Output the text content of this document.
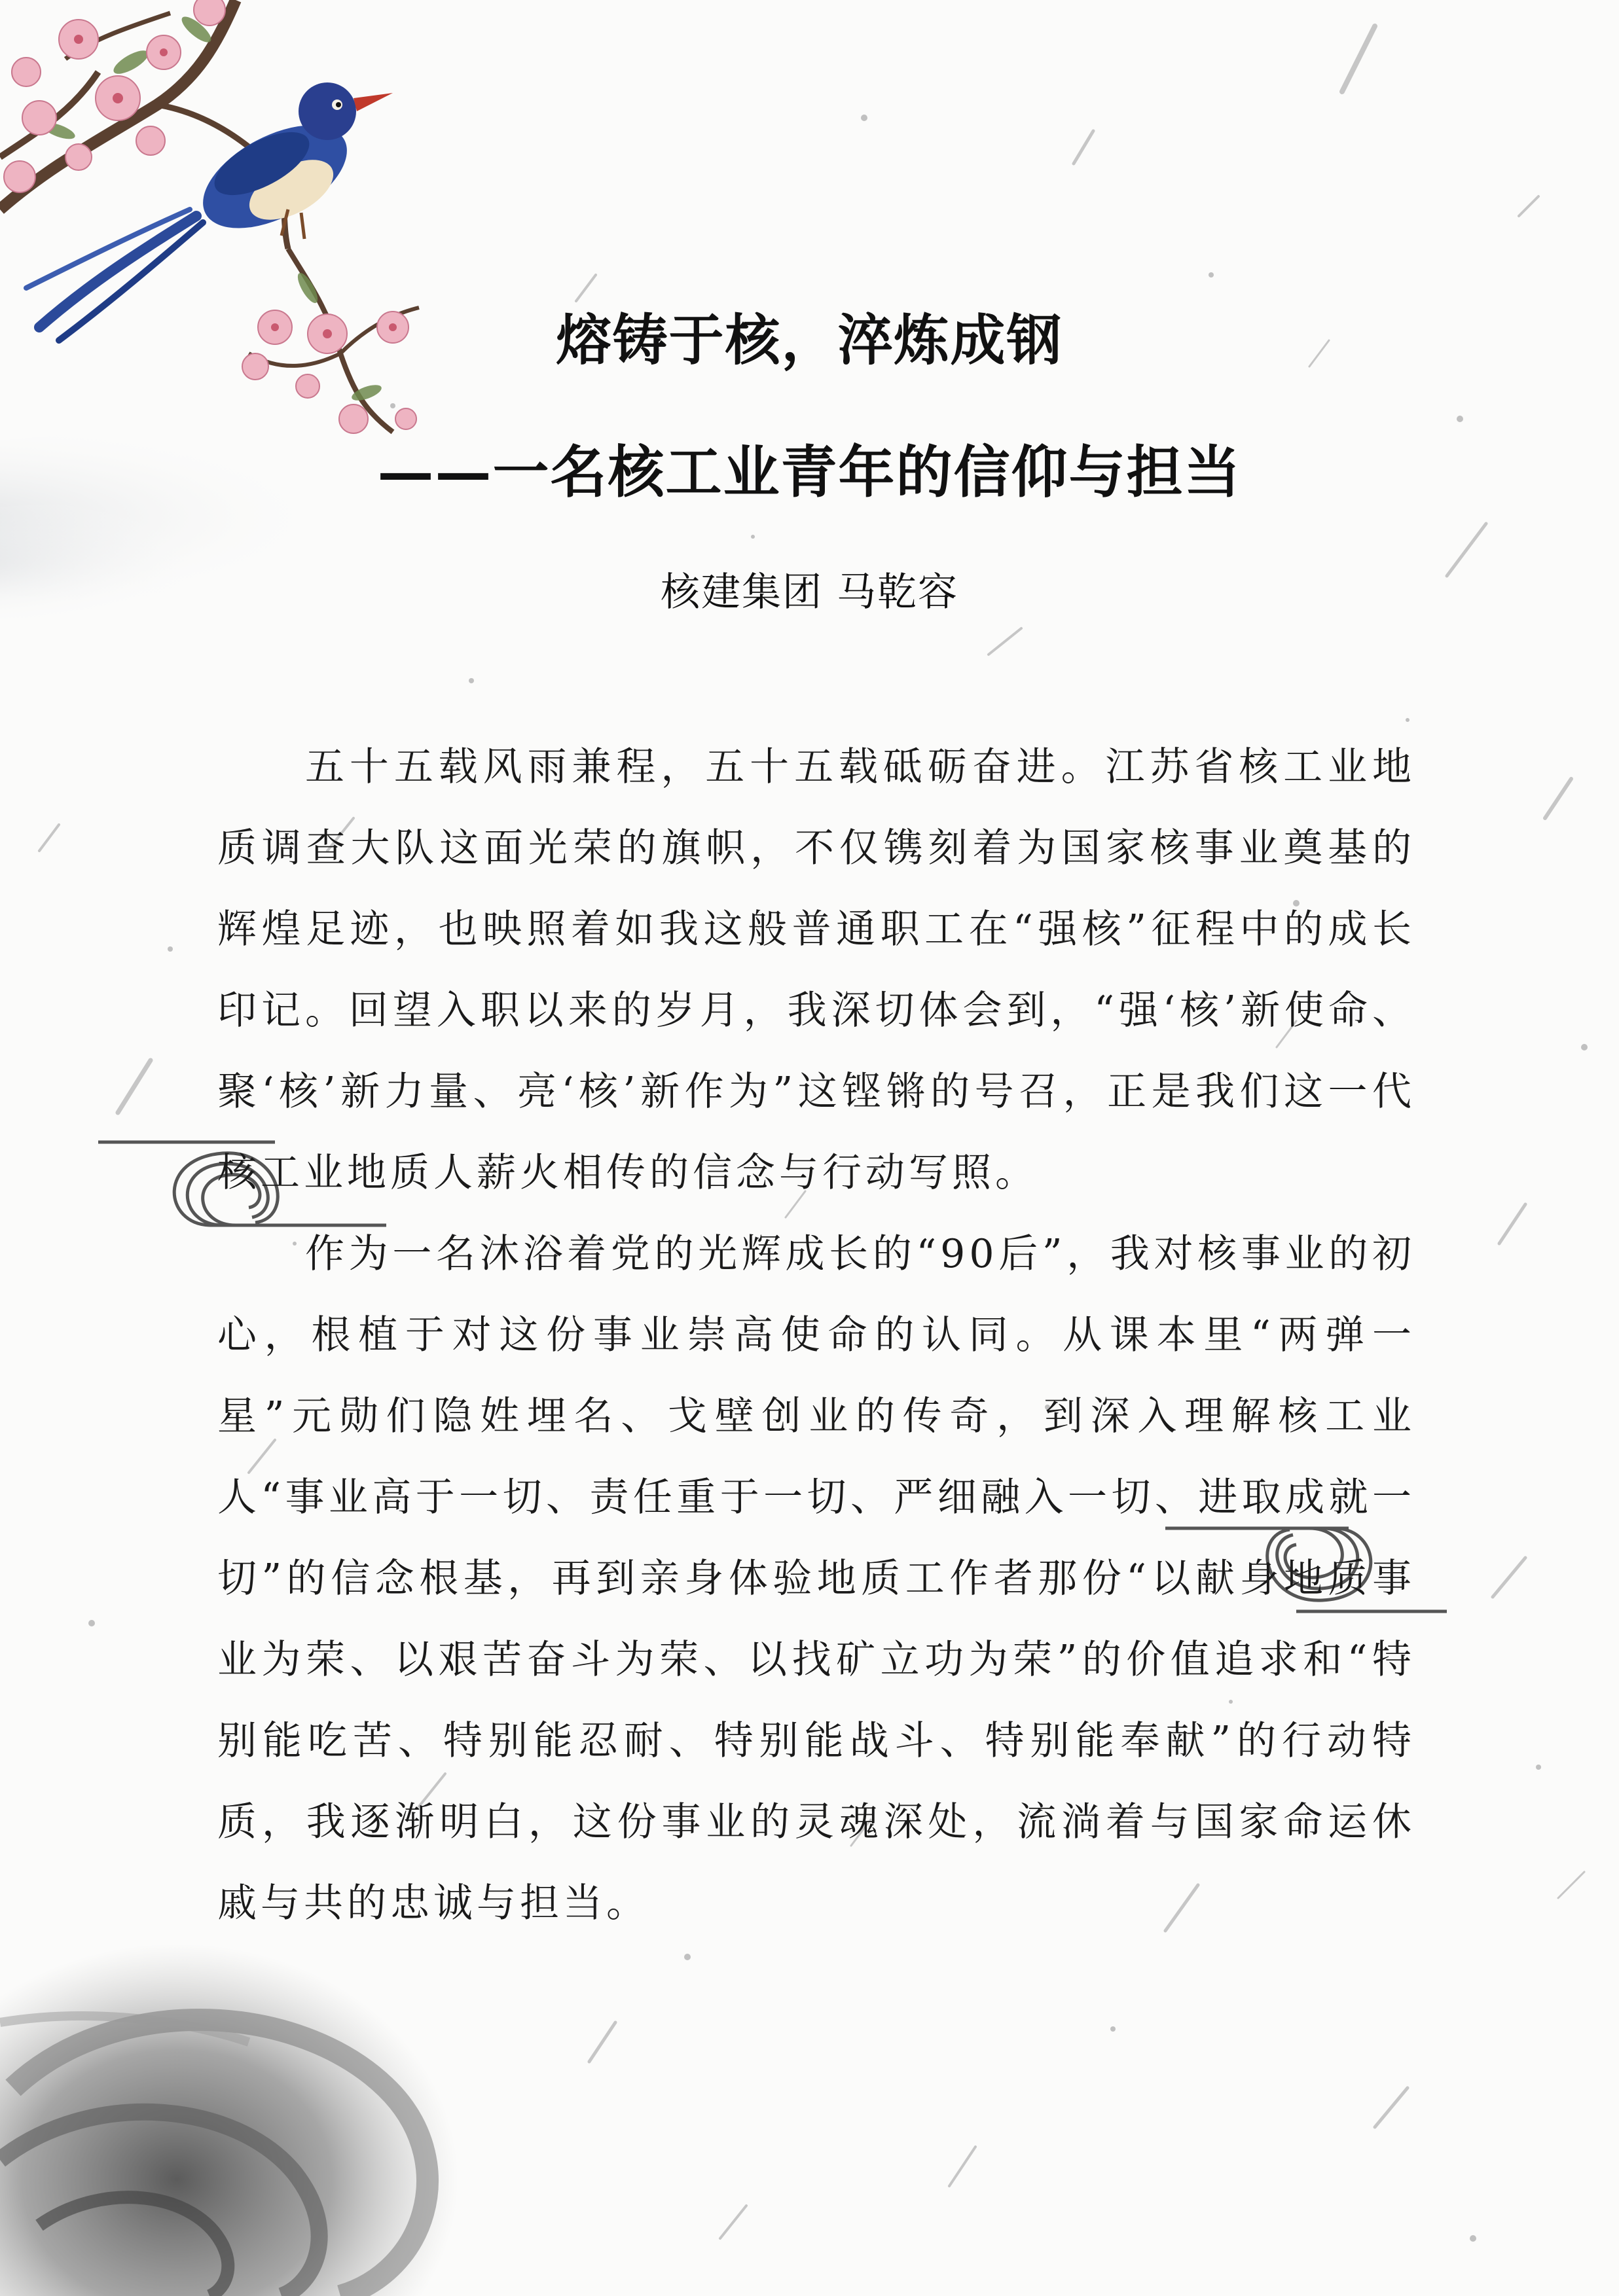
熔铸于核，淬炼成钢
——一名核工业青年的信仰与担当
核建集团 马乾容

五十五载风雨兼程，五十五载砥砺奋进。江苏省核工业地质调查大队这面光荣的旗帜，不仅镌刻着为国家核事业奠基的辉煌足迹，也映照着如我这般普通职工在“强核”征程中的成长印记。回望入职以来的岁月，我深切体会到，“强‘核’新使命、聚‘核’新力量、亮‘核’新作为”这铿锵的号召，正是我们这一代核工业地质人薪火相传的信念与行动写照。

作为一名沐浴着党的光辉成长的“90后”，我对核事业的初心，根植于对这份事业崇高使命的认同。从课本里“两弹一星”元勋们隐姓埋名、戈壁创业的传奇，到深入理解核工业人“事业高于一切、责任重于一切、严细融入一切、进取成就一切”的信念根基，再到亲身体验地质工作者那份“以献身地质事业为荣、以艰苦奋斗为荣、以找矿立功为荣”的价值追求和“特别能吃苦、特别能忍耐、特别能战斗、特别能奉献”的行动特质，我逐渐明白，这份事业的灵魂深处，流淌着与国家命运休戚与共的忠诚与担当。
